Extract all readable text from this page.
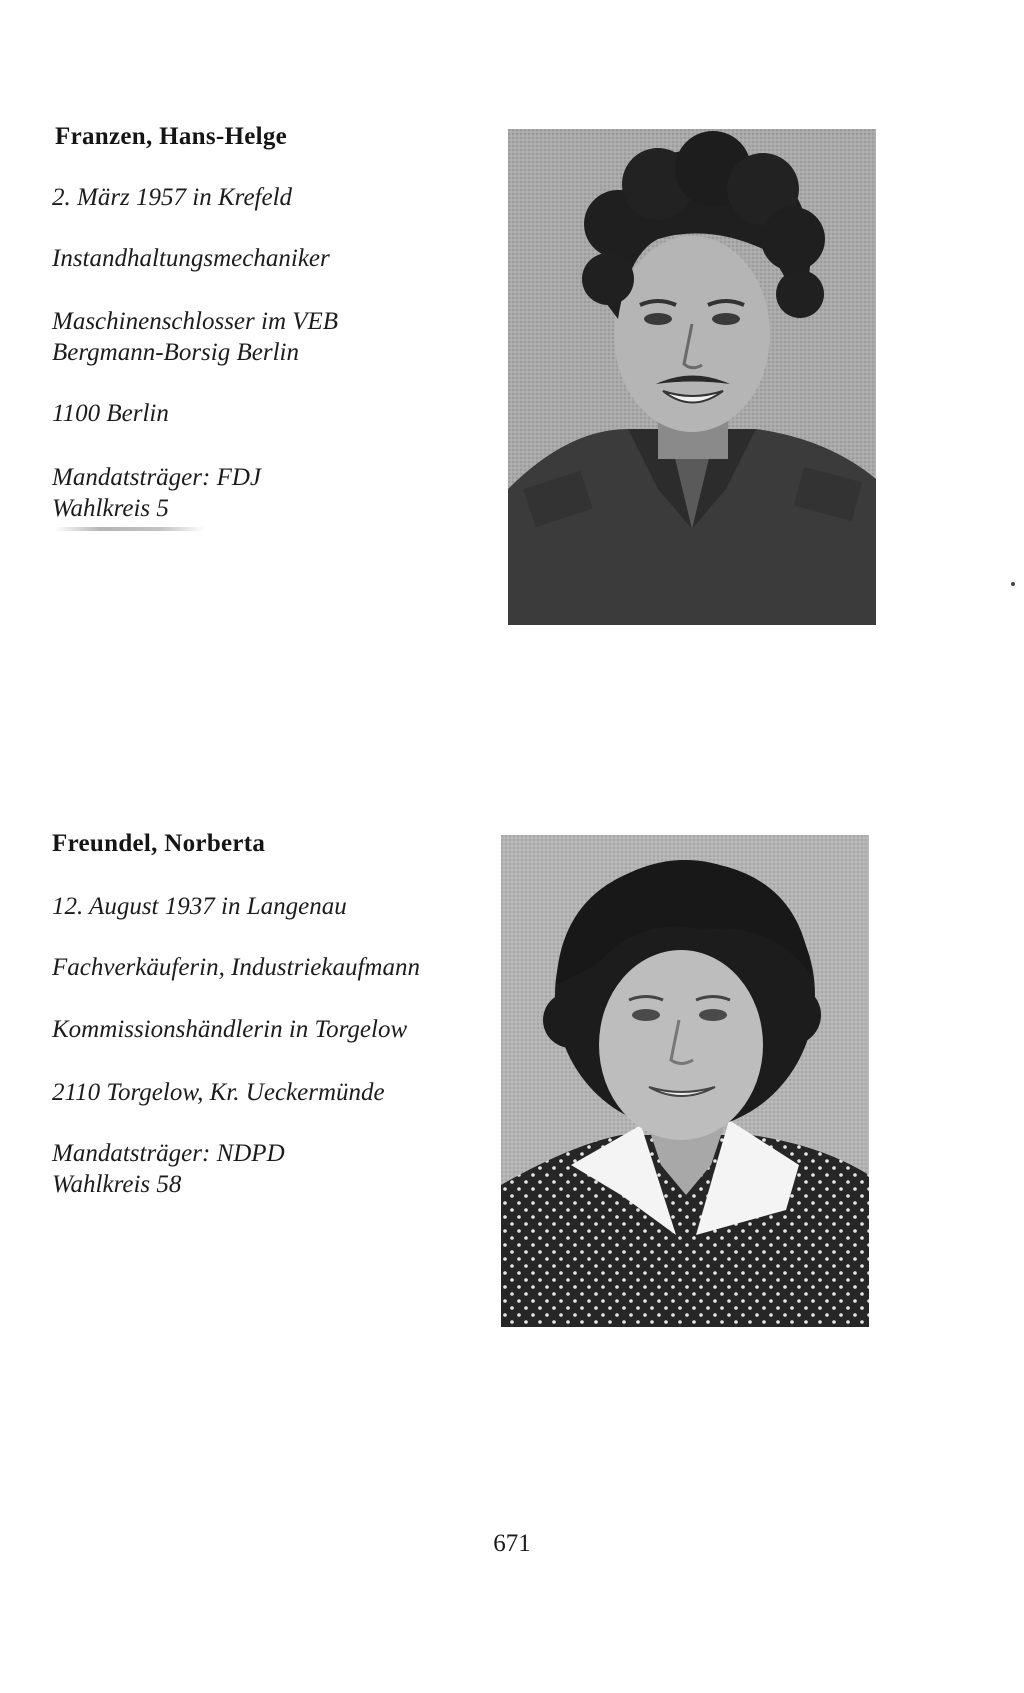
Franzen, Hans-Helge
2. März 1957 in Krefeld
Instandhaltungsmechaniker
Maschinenschlosser im VEB
Bergmann-Borsig Berlin
1100 Berlin
Mandatsträger: FDJ
Wahlkreis 5
Freundel, Norberta
12. August 1937 in Langenau
Fachverkäuferin, Industriekaufmann
Kommissionshändlerin in Torgelow
2110 Torgelow, Kr. Ueckermünde
Mandatsträger: NDPD
Wahlkreis 58
671
